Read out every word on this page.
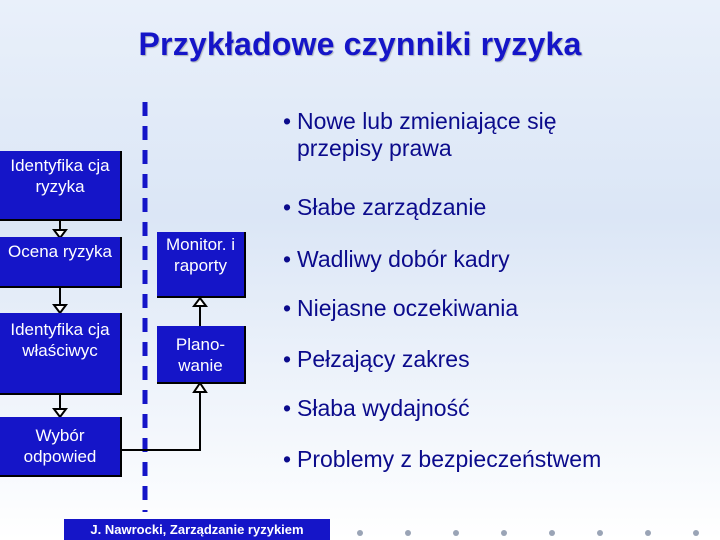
Przykładowe czynniki ryzyka
Identyfika cja ryzyka
Ocena ryzyka
Identyfika cja właściwyc
Wybór odpowied
Monitor. i raporty
Plano-wanie
• Nowe lub zmieniające się przepisy prawa
• Słabe zarządzanie
• Wadliwy dobór kadry
• Niejasne oczekiwania
• Pełzający zakres
• Słaba wydajność
• Problemy z bezpieczeństwem
J. Nawrocki, Zarządzanie ryzykiem
